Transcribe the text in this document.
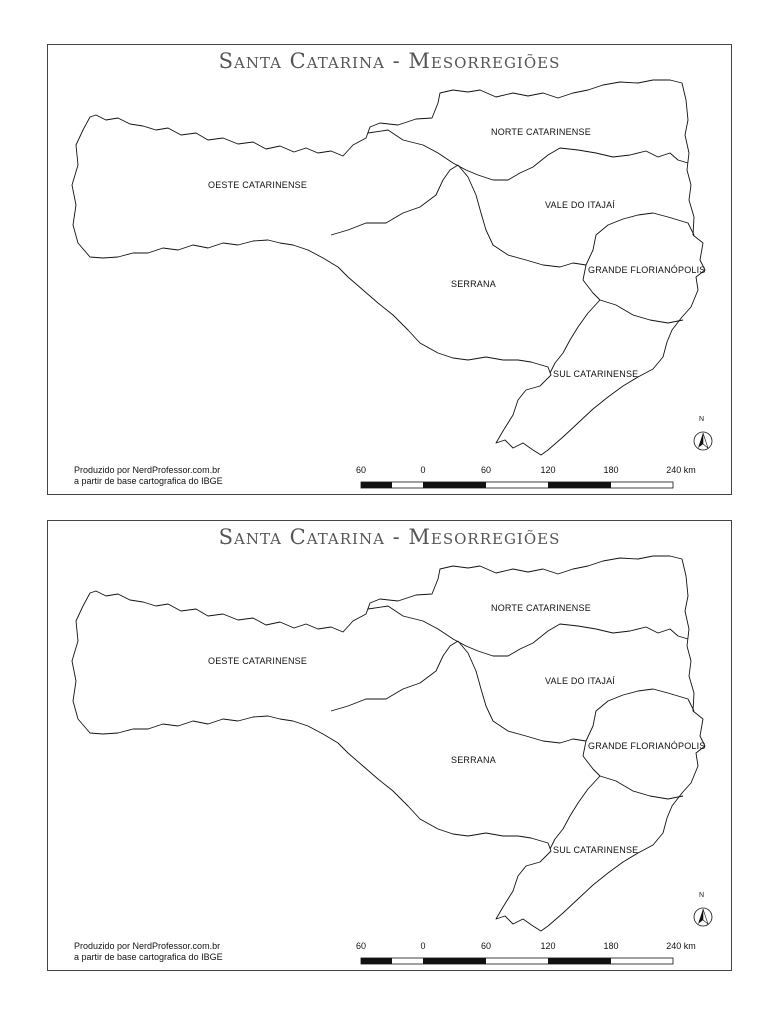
Santa Catarina - Mesorregiões
NORTE CATARINENSE
OESTE CATARINENSE
VALE DO ITAJAÍ
SERRANA
GRANDE FLORIANÓPOLIS
SUL CATARINENSE
Produzido por NerdProfessor.com.br
a partir de base cartografica do IBGE
60	0	60	120	180	240 km
N
Santa Catarina - Mesorregiões
NORTE CATARINENSE
OESTE CATARINENSE
VALE DO ITAJAÍ
SERRANA
GRANDE FLORIANÓPOLIS
SUL CATARINENSE
Produzido por NerdProfessor.com.br
a partir de base cartografica do IBGE
60	0	60	120	180	240 km
N
